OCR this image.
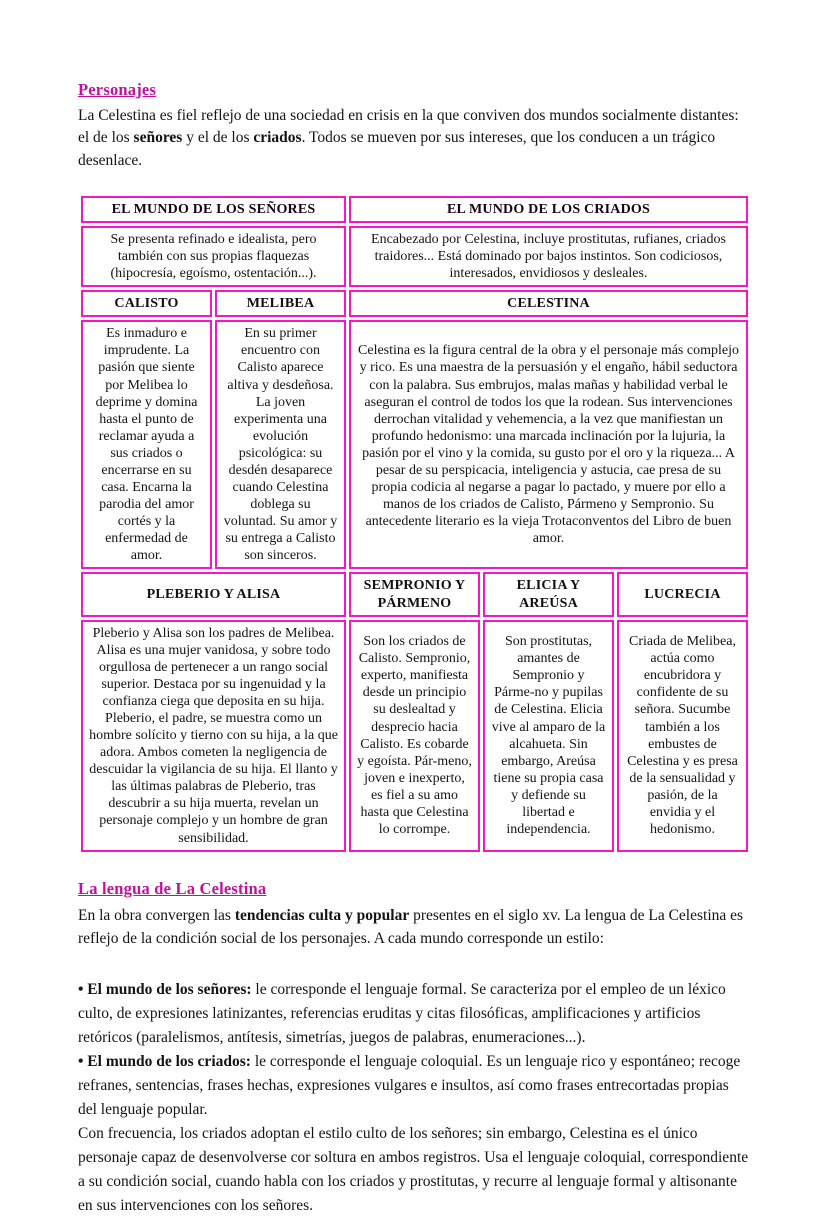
Personajes

La Celestina es fiel reflejo de una sociedad en crisis en la que conviven dos mundos socialmente distantes: el de los señores y el de los criados. Todos se mueven por sus intereses, que los conducen a un trágico desenlace.

EL MUNDO DE LOS SEÑORES		EL MUNDO DE LOS CRIADOS		
Se presenta refinado e idealista, pero también con sus propias flaquezas (hipocresía, egoísmo, ostentación...).		Encabezado por Celestina, incluye prostitutas, rufianes, criados traidores... Está dominado por bajos instintos. Son codiciosos, interesados, envidiosos y desleales.		
CALISTO	MELIBEA	CELESTINA		
Es inmaduro e imprudente. La pasión que siente por Melibea lo deprime y domina hasta el punto de reclamar ayuda a sus criados o encerrarse en su casa. Encarna la parodia del amor cortés y la enfermedad de amor.	En su primer encuentro con Calisto aparece altiva y desdeñosa. La joven experimenta una evolución psicológica: su desdén desaparece cuando Celestina doblega su voluntad. Su amor y su entrega a Calisto son sinceros.	Celestina es la figura central de la obra y el personaje más complejo y rico. Es una maestra de la persuasión y el engaño, hábil seductora con la palabra. Sus embrujos, malas mañas y habilidad verbal le aseguran el control de todos los que la rodean. Sus intervenciones derrochan vitalidad y vehemencia, a la vez que manifiestan un profundo hedonismo: una marcada inclinación por la lujuria, la pasión por el vino y la comida, su gusto por el oro y la riqueza... A pesar de su perspicacia, inteligencia y astucia, cae presa de su propia codicia al negarse a pagar lo pactado, y muere por ello a manos de los criados de Calisto, Pármeno y Sempronio. Su antecedente literario es la vieja Trotaconventos del Libro de buen amor.
PLEBERIO Y ALISA		SEMPRONIO Y PÁRMENO	ELICIA Y AREÚSA	LUCRECIA
Pleberio y Alisa son los padres de Melibea. Alisa es una mujer vanidosa, y sobre todo orgullosa de pertenecer a un rango social superior. Destaca por su ingenuidad y la confianza ciega que deposita en su hija. Pleberio, el padre, se muestra como un hombre solícito y tierno con su hija, a la que adora. Ambos cometen la negligencia de descuidar la vigilancia de su hija. El llanto y las últimas palabras de Pleberio, tras descubrir a su hija muerta, revelan un personaje complejo y un hombre de gran sensibilidad.	Son los criados de Calisto. Sempronio, experto, manifiesta desde un principio su deslealtad y desprecio hacia Calisto. Es cobarde y egoísta. Pár-meno, joven e inexperto, es fiel a su amo hasta que Celestina lo corrompe.	Son prostitutas, amantes de Sempronio y Párme-no y pupilas de Celestina. Elicia vive al amparo de la alcahueta. Sin embargo, Areúsa tiene su propia casa y defiende su libertad e independencia.	Criada de Melibea, actúa como encubridora y confidente de su señora. Sucumbe también a los embustes de Celestina y es presa de la sensualidad y pasión, de la envidia y el hedonismo.
La lengua de La Celestina

En la obra convergen las tendencias culta y popular presentes en el siglo xv. La lengua de La Celestina es reflejo de la condición social de los personajes. A cada mundo corresponde un estilo:

• El mundo de los señores: le corresponde el lenguaje formal. Se caracteriza por el empleo de un léxico culto, de expresiones latinizantes, referencias eruditas y citas filosóficas, amplificaciones y artificios retóricos (paralelismos, antítesis, simetrías, juegos de palabras, enumeraciones...).

• El mundo de los criados: le corresponde el lenguaje coloquial. Es un lenguaje rico y espontáneo; recoge refranes, sentencias, frases hechas, expresiones vulgares e insultos, así como frases entrecortadas propias del lenguaje popular.

Con frecuencia, los criados adoptan el estilo culto de los señores; sin embargo, Celestina es el único personaje capaz de desenvolverse cor soltura en ambos registros. Usa el lenguaje coloquial, correspondiente a su condición social, cuando habla con los criados y prostitutas, y recurre al lenguaje formal y altisonante en sus intervenciones con los señores.
